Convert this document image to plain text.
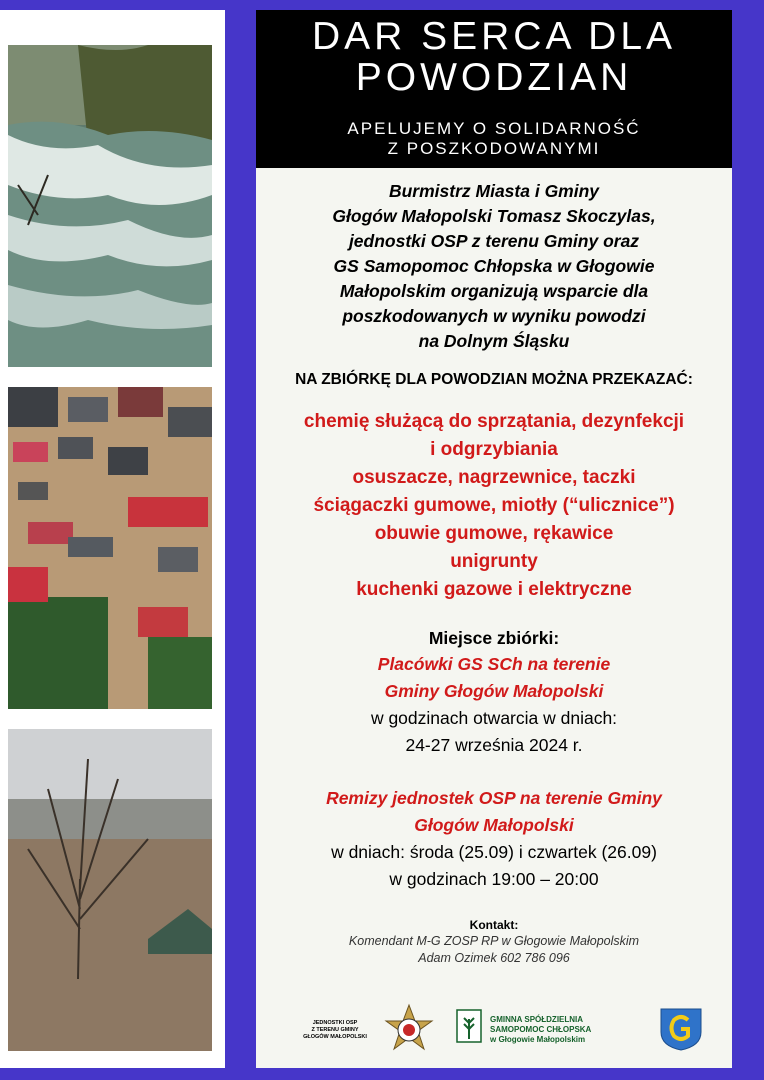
DAR SERCA DLA
POWODZIAN
APELUJEMY O SOLIDARNOŚĆ
Z POSZKODOWANYMI
Burmistrz Miasta i Gminy
Głogów Małopolski Tomasz Skoczylas,
jednostki OSP z terenu Gminy oraz
GS Samopomoc Chłopska w Głogowie
Małopolskim organizują wsparcie dla
poszkodowanych w wyniku powodzi
na Dolnym Śląsku
NA ZBIÓRKĘ DLA POWODZIAN MOŻNA PRZEKAZAĆ:
chemię służącą do sprzątania, dezynfekcji
i odgrzybiania
osuszacze, nagrzewnice, taczki
ściągaczki gumowe, miotły (“ulicznice”)
obuwie gumowe, rękawice
unigrunty
kuchenki gazowe i elektryczne
Miejsce zbiórki:
Placówki GS SCh na terenie
Gminy Głogów Małopolski
w godzinach otwarcia w dniach:
24-27 września 2024 r.
Remizy jednostek OSP na terenie Gminy
Głogów Małopolski
w dniach: środa (25.09) i czwartek (26.09)
w godzinach 19:00 – 20:00
Kontakt:
Komendant M-G ZOSP RP w Głogowie Małopolskim
Adam Ozimek 602 786 096
JEDNOSTKI OSP
Z TERENU GMINY
GŁOGÓW MAŁOPOLSKI
GMINNA SPÓŁDZIELNIA
SAMOPOMOC CHŁOPSKA
w Głogowie Małopolskim
